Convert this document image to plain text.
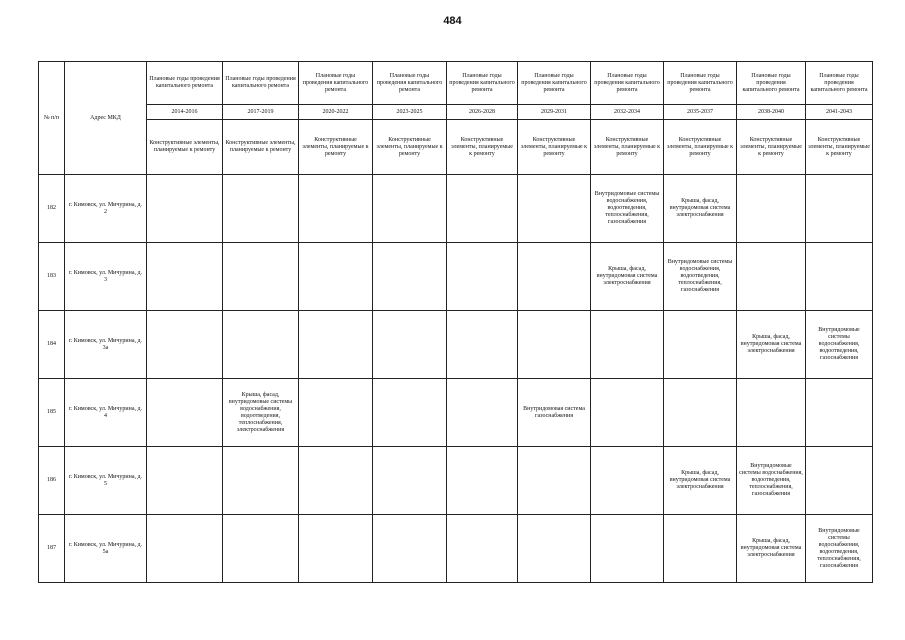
484
№ п/п	Адрес МКД	Плановые годы проведения капитального ремонта	Плановые годы проведения капитального ремонта	Плановые годы проведения капитального ремонта	Плановые годы проведения капитального ремонта	Плановые годы проведения капитального ремонта	Плановые годы проведения капитального ремонта	Плановые годы проведения капитального ремонта	Плановые годы проведения капитального ремонта	Плановые годы проведения капитального ремонта	Плановые годы проведения капитального ремонта
		2014-2016	2017-2019	2020-2022	2023-2025	2026-2028	2029-2031	2032-2034	2035-2037	2038-2040	2041-2043
		Конструктивные элементы, планируемые к ремонту	Конструктивные элементы, планируемые к ремонту	Конструктивные элементы, планируемые к ремонту	Конструктивные элементы, планируемые к ремонту	Конструктивные элементы, планируемые к ремонту	Конструктивные элементы, планируемые к ремонту	Конструктивные элементы, планируемые к ремонту	Конструктивные элементы, планируемые к ремонту	Конструктивные элементы, планируемые к ремонту	Конструктивные элементы, планируемые к ремонту
182	г. Кимовск, ул. Мичурина, д. 2							Внутридомовые системы водоснабжения, водоотведения, теплоснабжения, газоснабжения	Крыша, фасад, внутридомовая система электроснабжения		
183	г. Кимовск, ул. Мичурина, д. 3							Крыша, фасад, внутридомовая система электроснабжения	Внутридомовые системы водоснабжения, водоотведения, теплоснабжения, газоснабжения		
184	г. Кимовск, ул. Мичурина, д. 3а									Крыша, фасад, внутридомовая система электроснабжения	Внутридомовые системы водоснабжения, водоотведения, газоснабжения
185	г. Кимовск, ул. Мичурина, д. 4		Крыша, фасад, внутридомовые системы водоснабжения, водоотведения, теплоснабжения, электроснабжения				Внутридомовая система газоснабжения				
186	г. Кимовск, ул. Мичурина, д. 5								Крыша, фасад, внутридомовая система электроснабжения	Внутридомовые системы водоснабжения, водоотведения, теплоснабжения, газоснабжения	
187	г. Кимовск, ул. Мичурина, д. 5а									Крыша, фасад, внутридомовая система электроснабжения	Внутридомовые системы водоснабжения, водоотведения, теплоснабжения, газоснабжения
